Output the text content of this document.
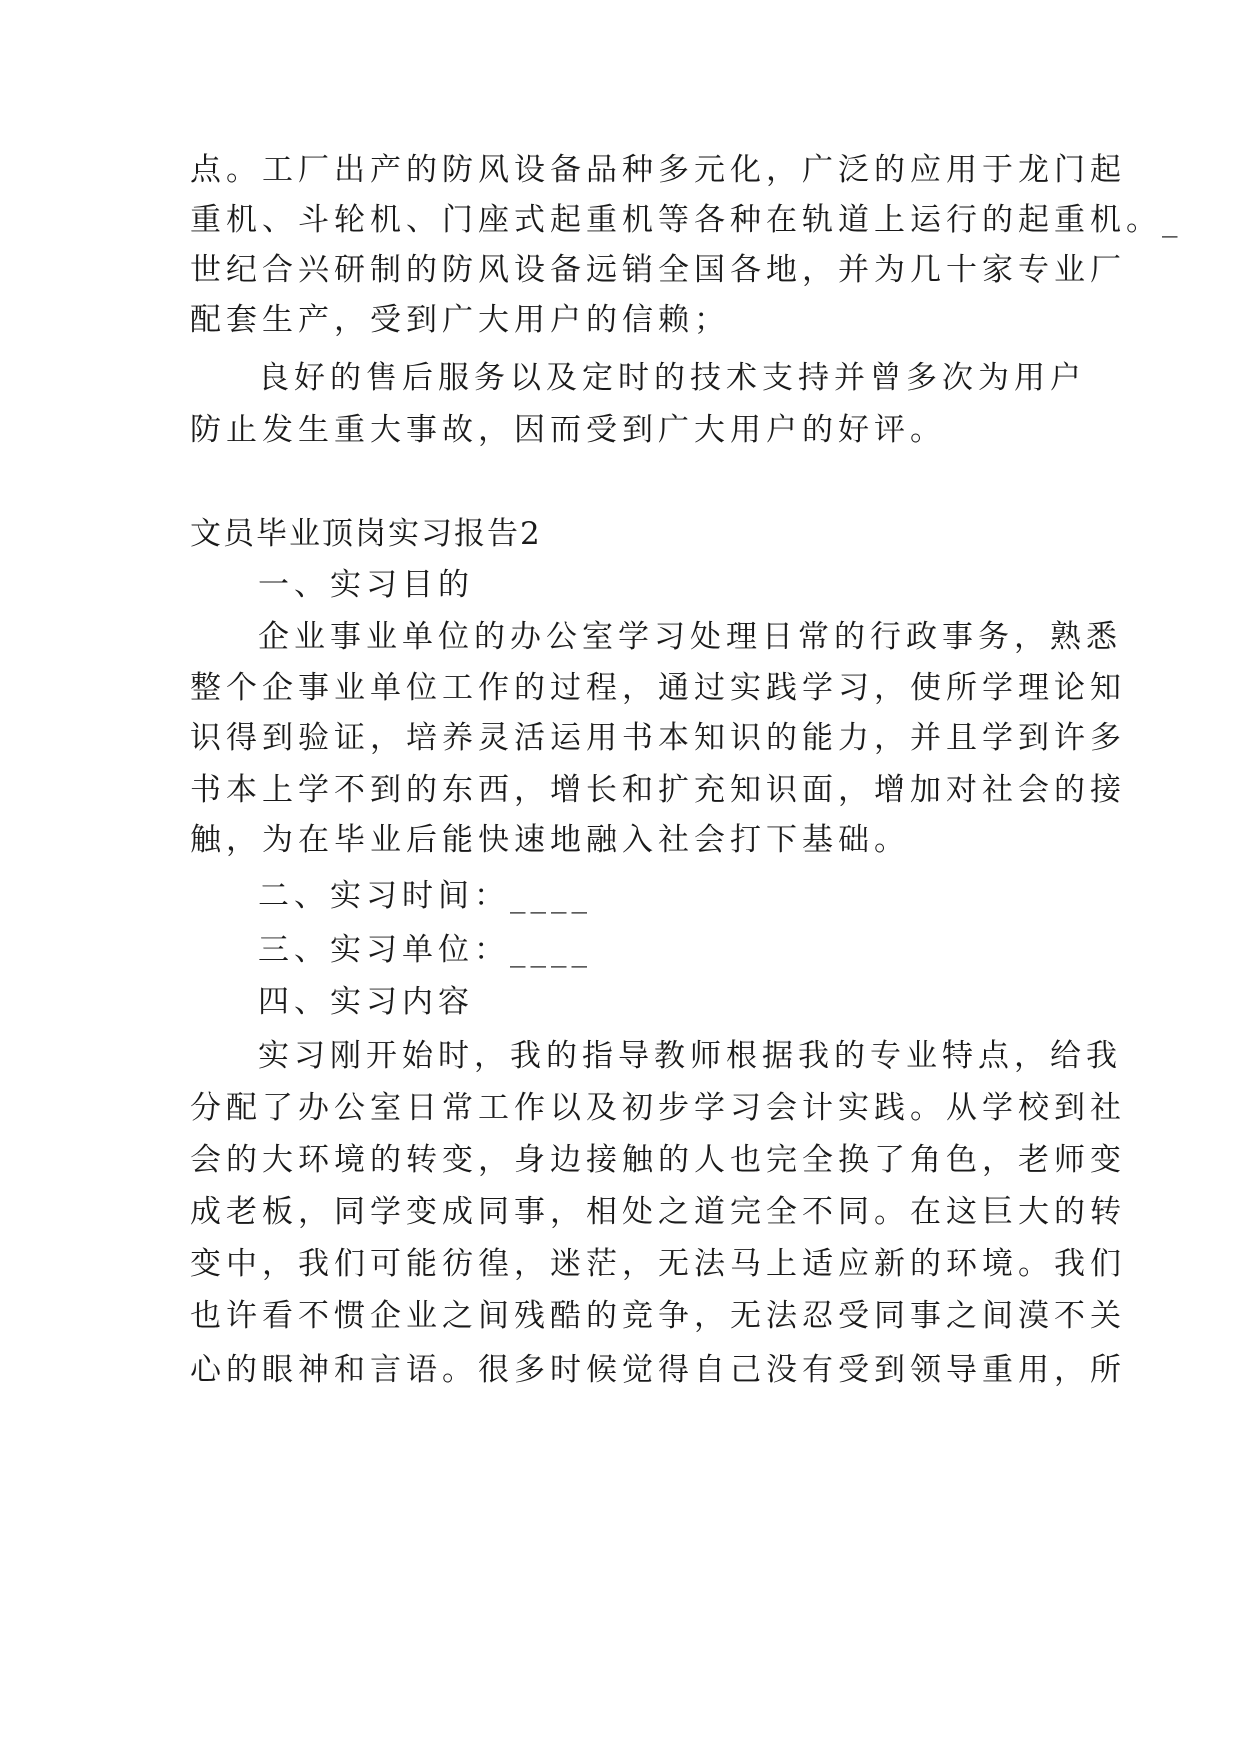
点。工厂出产的防风设备品种多元化，广泛的应用于龙门起
重机、斗轮机、门座式起重机等各种在轨道上运行的起重机。_
世纪合兴研制的防风设备远销全国各地，并为几十家专业厂
配套生产，受到广大用户的信赖；
良好的售后服务以及定时的技术支持并曾多次为用户
防止发生重大事故，因而受到广大用户的好评。
文员毕业顶岗实习报告2
一、实习目的
企业事业单位的办公室学习处理日常的行政事务，熟悉
整个企事业单位工作的过程，通过实践学习，使所学理论知
识得到验证，培养灵活运用书本知识的能力，并且学到许多
书本上学不到的东西，增长和扩充知识面，增加对社会的接
触，为在毕业后能快速地融入社会打下基础。
二、实习时间：____
三、实习单位：____
四、实习内容
实习刚开始时，我的指导教师根据我的专业特点，给我
分配了办公室日常工作以及初步学习会计实践。从学校到社
会的大环境的转变，身边接触的人也完全换了角色，老师变
成老板，同学变成同事，相处之道完全不同。在这巨大的转
变中，我们可能彷徨，迷茫，无法马上适应新的环境。我们
也许看不惯企业之间残酷的竞争，无法忍受同事之间漠不关
心的眼神和言语。很多时候觉得自己没有受到领导重用，所
